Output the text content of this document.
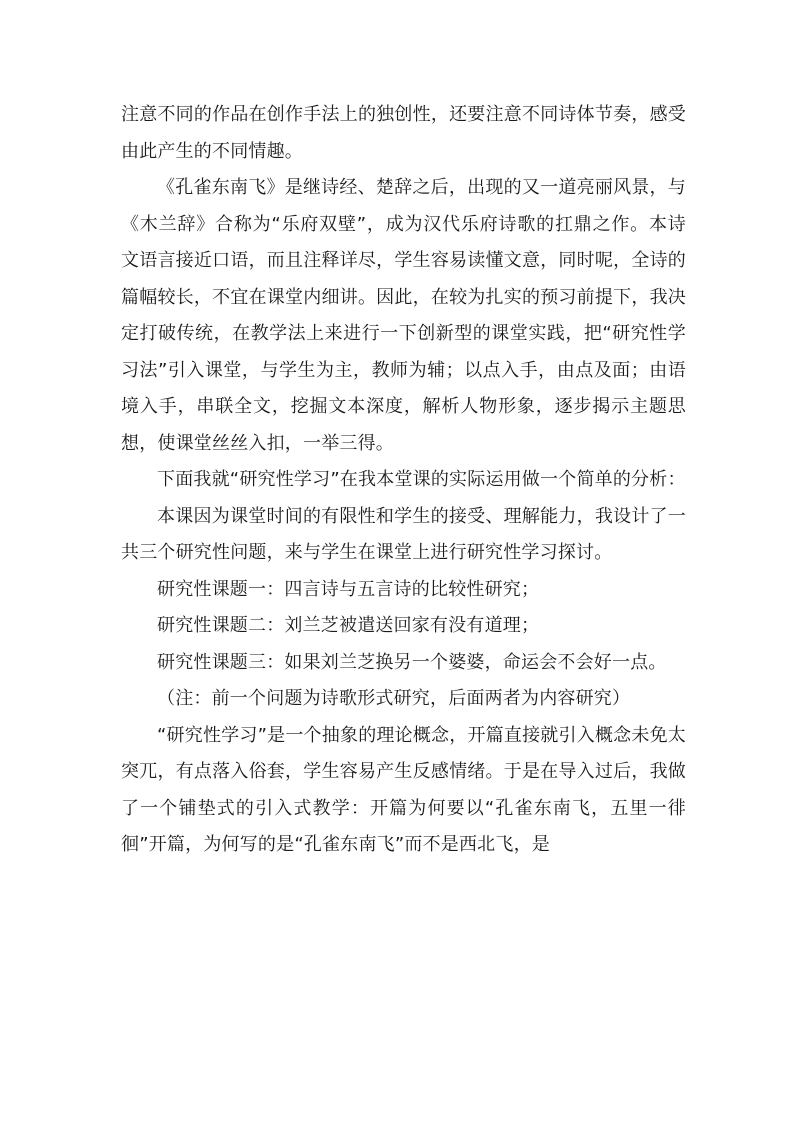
注意不同的作品在创作手法上的独创性，还要注意不同诗体节奏，感受由此产生的不同情趣。

《孔雀东南飞》是继诗经、楚辞之后，出现的又一道亮丽风景，与《木兰辞》合称为“乐府双壁”，成为汉代乐府诗歌的扛鼎之作。本诗文语言接近口语，而且注释详尽，学生容易读懂文意，同时呢，全诗的篇幅较长，不宜在课堂内细讲。因此，在较为扎实的预习前提下，我决定打破传统，在教学法上来进行一下创新型的课堂实践，把“研究性学习法”引入课堂，与学生为主，教师为辅；以点入手，由点及面；由语境入手，串联全文，挖掘文本深度，解析人物形象，逐步揭示主题思想，使课堂丝丝入扣，一举三得。

下面我就“研究性学习”在我本堂课的实际运用做一个简单的分析：

本课因为课堂时间的有限性和学生的接受、理解能力，我设计了一共三个研究性问题，来与学生在课堂上进行研究性学习探讨。

研究性课题一：四言诗与五言诗的比较性研究；

研究性课题二：刘兰芝被遣送回家有没有道理；

研究性课题三：如果刘兰芝换另一个婆婆，命运会不会好一点。

（注：前一个问题为诗歌形式研究，后面两者为内容研究）

“研究性学习”是一个抽象的理论概念，开篇直接就引入概念未免太突兀，有点落入俗套，学生容易产生反感情绪。于是在导入过后，我做了一个铺垫式的引入式教学：开篇为何要以“孔雀东南飞，五里一徘徊”开篇，为何写的是“孔雀东南飞”而不是西北飞，是
